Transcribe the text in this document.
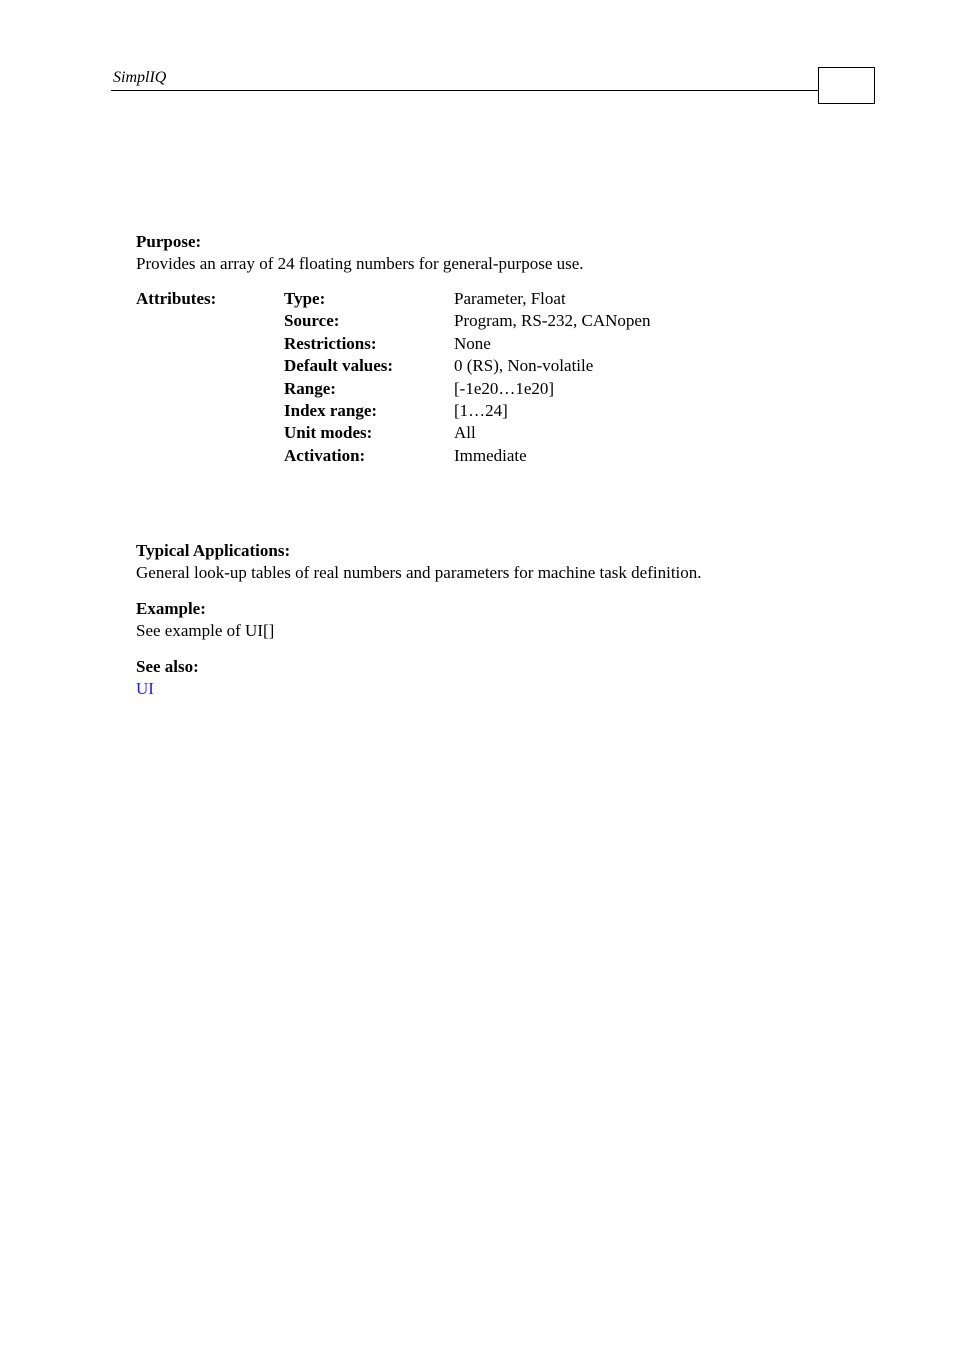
SimplIQ
Purpose:
Provides an array of 24 floating numbers for general-purpose use.
Attributes:	Type:	Parameter, Float
Source:	Program, RS-232, CANopen
Restrictions:	None
Default values:	0 (RS), Non-volatile
Range:	[-1e20…1e20]
Index range:	[1…24]
Unit modes:	All
Activation:	Immediate
Typical Applications:
General look-up tables of real numbers and parameters for machine task definition.
Example:
See example of UI[]
See also:
UI
